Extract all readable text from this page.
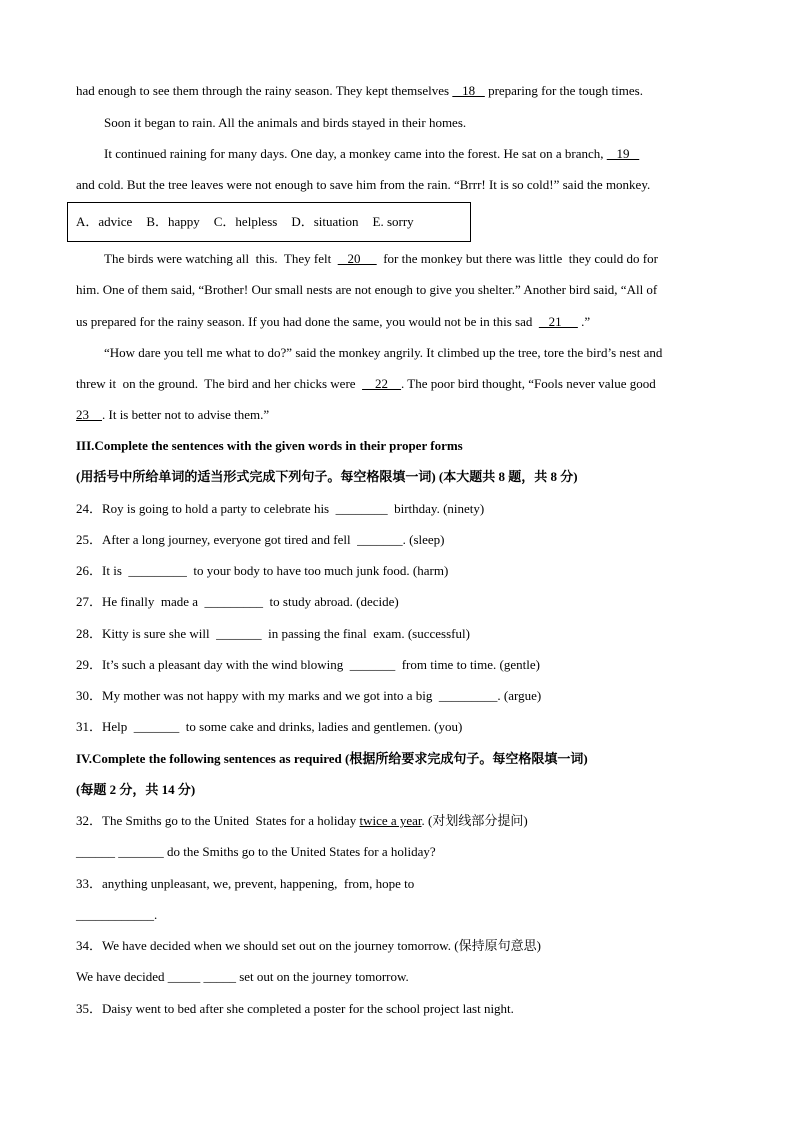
had enough to see them through the rainy season. They kept themselves    18    preparing for the tough times.
Soon it began to rain. All the animals and birds stayed in their homes.
It continued raining for many days. One day, a monkey came into the forest. He sat on a branch,    19
and cold. But the tree leaves were not enough to save him from the rain. “Brrr! It is so cold!” said the monkey.
A．advice B．happy C．helpless D．situation E. sorry
The birds were watching all  this.  They felt     20       for the monkey but there was little  they could do for
him. One of them said, “Brother! Our small nests are not enough to give you shelter.” Another bird said, “All of
us prepared for the rainy season. If you had done the same, you would not be in this sad     21      .”
“How dare you tell me what to do?” said the monkey angrily. It climbed up the tree, tore the bird’s nest and
threw it  on the ground.  The bird and her chicks were      22    . The poor bird thought, “Fools never value good
23    . It is better not to advise them.”
III.Complete the sentences with the given words in their proper forms
(用括号中所给单词的适当形式完成下列句子。每空格限填一词) (本大题共 8 题，共 8 分)
24．Roy is going to hold a party to celebrate his  ________  birthday. (ninety)
25．After a long journey, everyone got tired and fell  _______. (sleep)
26．It is  _________  to your body to have too much junk food. (harm)
27．He finally  made a  _________  to study abroad. (decide)
28．Kitty is sure she will  _______  in passing the final  exam. (successful)
29．It’s such a pleasant day with the wind blowing  _______  from time to time. (gentle)
30．My mother was not happy with my marks and we got into a big  _________. (argue)
31．Help  _______  to some cake and drinks, ladies and gentlemen. (you)
IV.Complete the following sentences as required (根据所给要求完成句子。每空格限填一词)
(每题 2 分，共 14 分)
32．The Smiths go to the United  States for a holiday twice a year. (对划线部分提问)
______ _______ do the Smiths go to the United States for a holiday?
33．anything unpleasant, we, prevent, happening,  from, hope to
____________.
34．We have decided when we should set out on the journey tomorrow. (保持原句意思)
We have decided _____ _____ set out on the journey tomorrow.
35．Daisy went to bed after she completed a poster for the school project last night.
